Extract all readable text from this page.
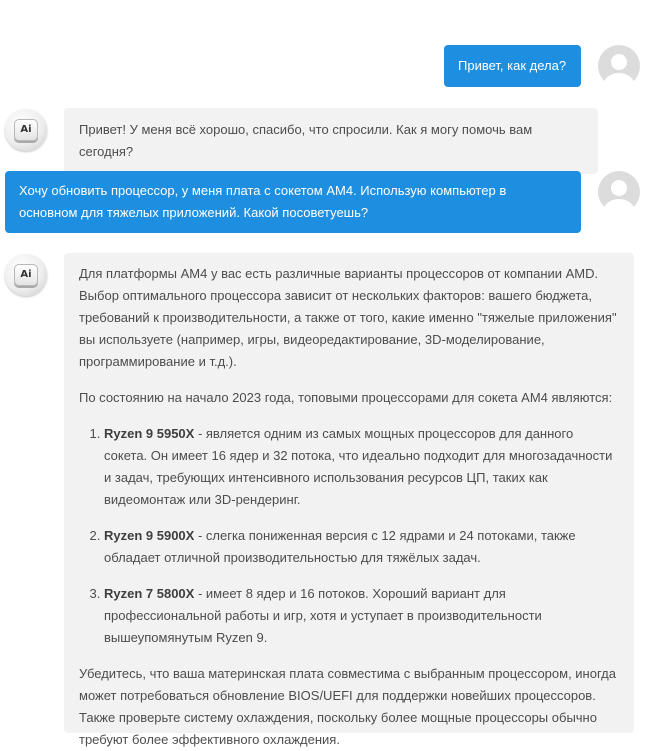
Привет, как дела?
Ai	Привет! У меня всё хорошо, спасибо, что спросили. Как я могу помочь вам сегодня?
Хочу обновить процессор, у меня плата с сокетом AM4. Использую компьютер в основном для тяжелых приложений. Какой посоветуешь?
Ai	Для платформы AM4 у вас есть различные варианты процессоров от компании AMD. Выбор оптимального процессора зависит от нескольких факторов: вашего бюджета, требований к производительности, а также от того, какие именно "тяжелые приложения" вы используете (например, игры, видеоредактирование, 3D-моделирование, программирование и т.д.).

По состоянию на начало 2023 года, топовыми процессорами для сокета AM4 являются:

1. Ryzen 9 5950X - является одним из самых мощных процессоров для данного сокета. Он имеет 16 ядер и 32 потока, что идеально подходит для многозадачности и задач, требующих интенсивного использования ресурсов ЦП, таких как видеомонтаж или 3D-рендеринг.
2. Ryzen 9 5900X - слегка пониженная версия с 12 ядрами и 24 потоками, также обладает отличной производительностью для тяжёлых задач.
3. Ryzen 7 5800X - имеет 8 ядер и 16 потоков. Хороший вариант для профессиональной работы и игр, хотя и уступает в производительности вышеупомянутым Ryzen 9.

Убедитесь, что ваша материнская плата совместима с выбранным процессором, иногда может потребоваться обновление BIOS/UEFI для поддержки новейших процессоров. Также проверьте систему охлаждения, поскольку более мощные процессоры обычно требуют более эффективного охлаждения.
